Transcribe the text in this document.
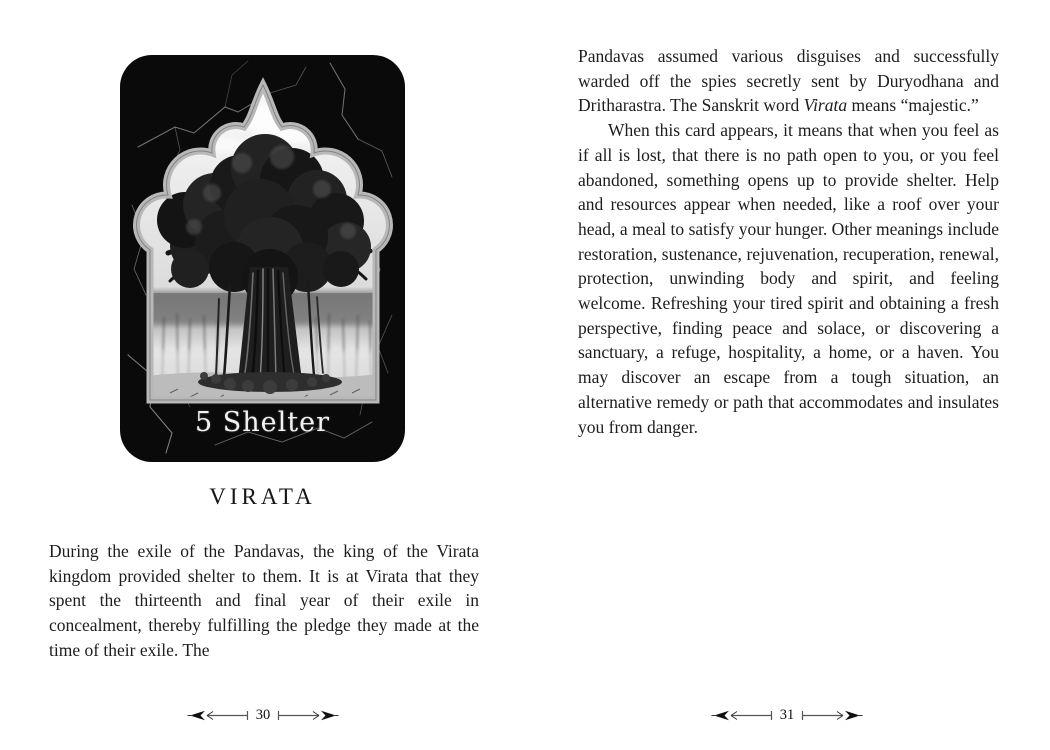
5 Shelter
VIRATA

During the exile of the Pandavas, the king of the Virata kingdom provided shelter to them. It is at Virata that they spent the thirteenth and final year of their exile in concealment, thereby fulfilling the pledge they made at the time of their exile. The

30

Pandavas assumed various disguises and successfully warded off the spies secretly sent by Duryodhana and Dritharastra. The Sanskrit word Virata means “majestic.”

When this card appears, it means that when you feel as if all is lost, that there is no path open to you, or you feel abandoned, something opens up to provide shelter. Help and resources appear when needed, like a roof over your head, a meal to satisfy your hunger. Other meanings include restoration, sustenance, rejuvenation, recuperation, renewal, protection, unwinding body and spirit, and feeling welcome. Refreshing your tired spirit and obtaining a fresh perspective, finding peace and solace, or discovering a sanctuary, a refuge, hospitality, a home, or a haven. You may discover an escape from a tough situation, an alternative remedy or path that accommodates and insulates you from danger.

31
